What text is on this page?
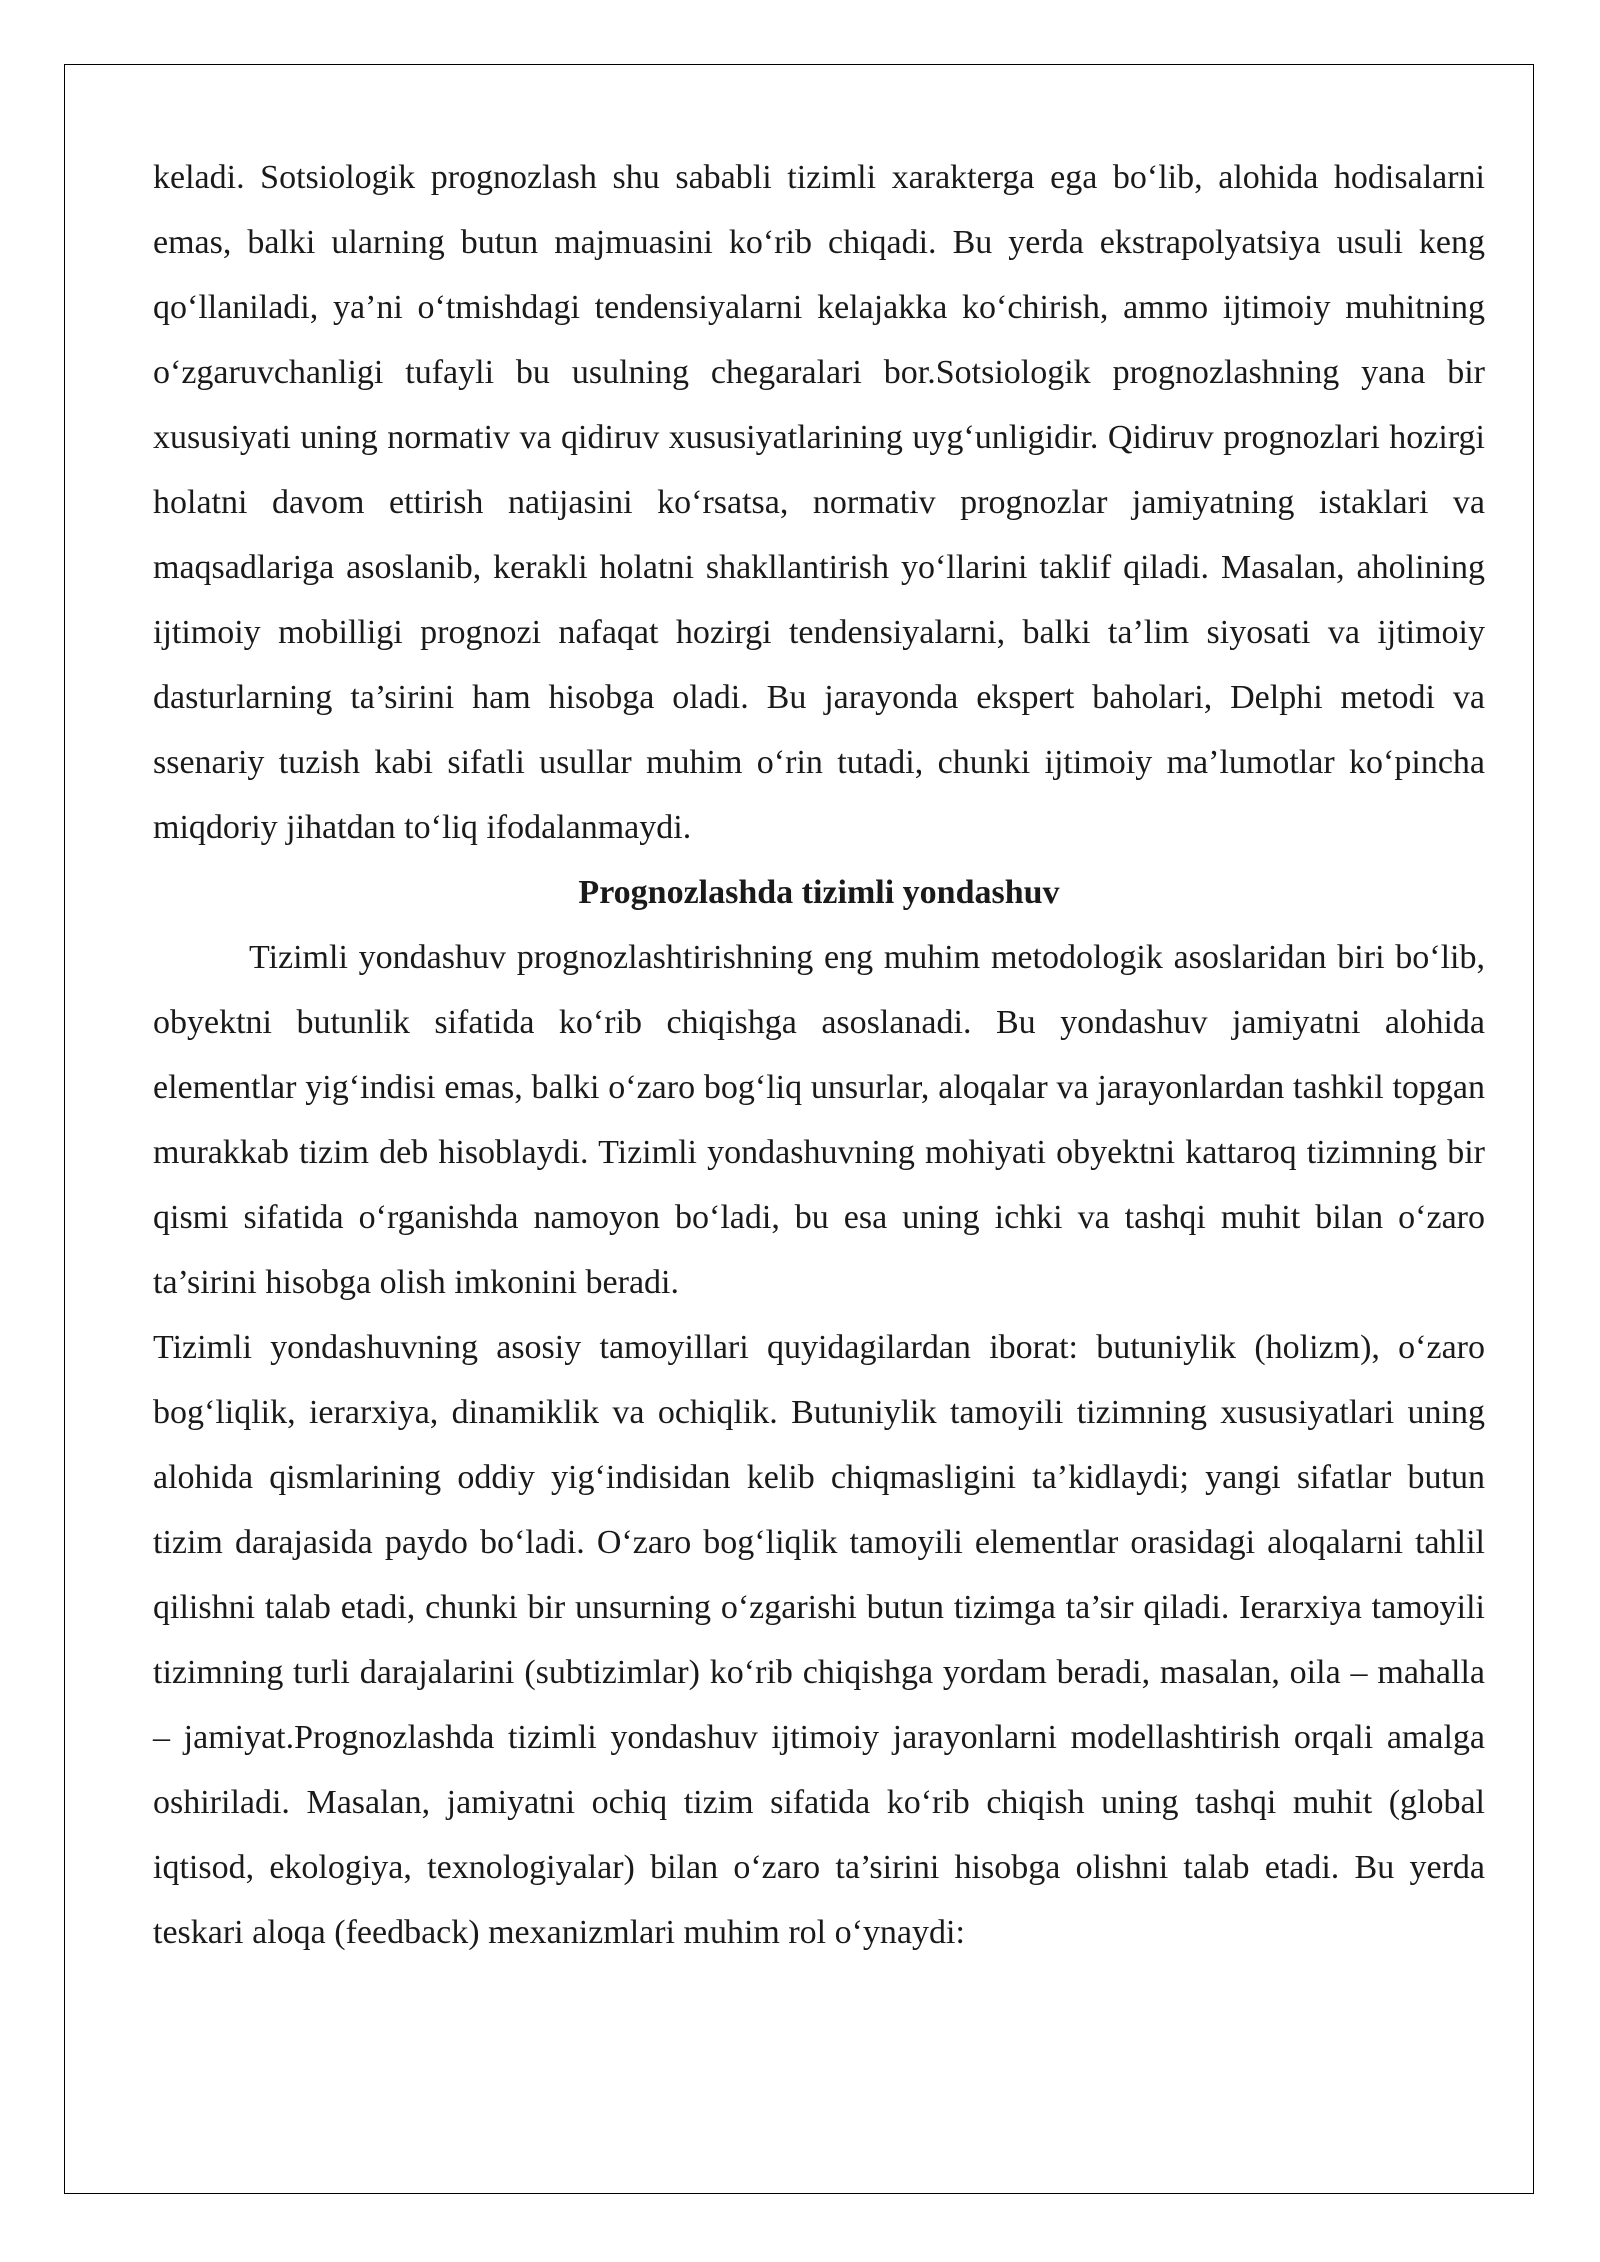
keladi. Sotsiologik prognozlash shu sababli tizimli xarakterga ega bo‘lib, alohida hodisalarni emas, balki ularning butun majmuasini ko‘rib chiqadi. Bu yerda ekstrapolyatsiya usuli keng qo‘llaniladi, ya’ni o‘tmishdagi tendensiyalarni kelajakka ko‘chirish, ammo ijtimoiy muhitning o‘zgaruvchanligi tufayli bu usulning chegaralari bor.Sotsiologik prognozlashning yana bir xususiyati uning normativ va qidiruv xususiyatlarining uyg‘unligidir. Qidiruv prognozlari hozirgi holatni davom ettirish natijasini ko‘rsatsa, normativ prognozlar jamiyatning istaklari va maqsadlariga asoslanib, kerakli holatni shakllantirish yo‘llarini taklif qiladi. Masalan, aholining ijtimoiy mobilligi prognozi nafaqat hozirgi tendensiyalarni, balki ta’lim siyosati va ijtimoiy dasturlarning ta’sirini ham hisobga oladi. Bu jarayonda ekspert baholari, Delphi metodi va ssenariy tuzish kabi sifatli usullar muhim o‘rin tutadi, chunki ijtimoiy ma’lumotlar ko‘pincha miqdoriy jihatdan to‘liq ifodalanmaydi.

Prognozlashda tizimli yondashuv

Tizimli yondashuv prognozlashtirishning eng muhim metodologik asoslaridan biri bo‘lib, obyektni butunlik sifatida ko‘rib chiqishga asoslanadi. Bu yondashuv jamiyatni alohida elementlar yig‘indisi emas, balki o‘zaro bog‘liq unsurlar, aloqalar va jarayonlardan tashkil topgan murakkab tizim deb hisoblaydi. Tizimli yondashuvning mohiyati obyektni kattaroq tizimning bir qismi sifatida o‘rganishda namoyon bo‘ladi, bu esa uning ichki va tashqi muhit bilan o‘zaro ta’sirini hisobga olish imkonini beradi.

Tizimli yondashuvning asosiy tamoyillari quyidagilardan iborat: butuniylik (holizm), o‘zaro bog‘liqlik, ierarxiya, dinamiklik va ochiqlik. Butuniylik tamoyili tizimning xususiyatlari uning alohida qismlarining oddiy yig‘indisidan kelib chiqmasligini ta’kidlaydi; yangi sifatlar butun tizim darajasida paydo bo‘ladi. O‘zaro bog‘liqlik tamoyili elementlar orasidagi aloqalarni tahlil qilishni talab etadi, chunki bir unsurning o‘zgarishi butun tizimga ta’sir qiladi. Ierarxiya tamoyili tizimning turli darajalarini (subtizimlar) ko‘rib chiqishga yordam beradi, masalan, oila – mahalla – jamiyat.Prognozlashda tizimli yondashuv ijtimoiy jarayonlarni modellashtirish orqali amalga oshiriladi. Masalan, jamiyatni ochiq tizim sifatida ko‘rib chiqish uning tashqi muhit (global iqtisod, ekologiya, texnologiyalar) bilan o‘zaro ta’sirini hisobga olishni talab etadi. Bu yerda teskari aloqa (feedback) mexanizmlari muhim rol o‘ynaydi:
